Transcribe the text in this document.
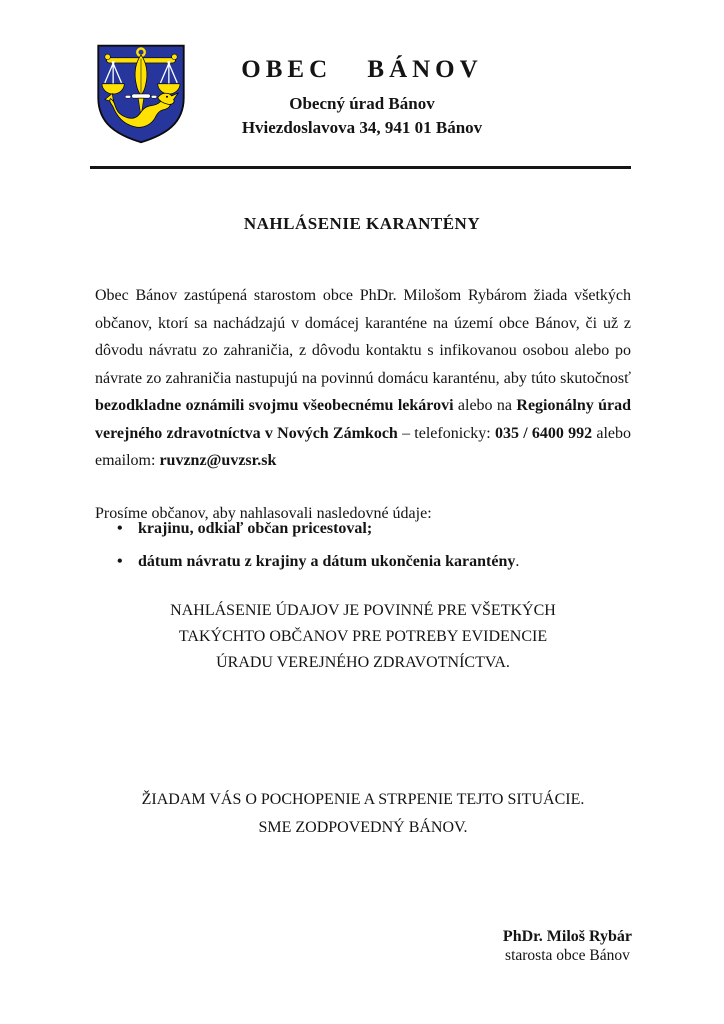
OBEC BÁNOV
Obecný úrad Bánov
Hviezdoslavova 34, 941 01 Bánov
NAHLÁSENIE KARANTÉNY

Obec Bánov zastúpená starostom obce PhDr. Milošom Rybárom žiada všetkých občanov, ktorí sa nachádzajú v domácej karanténe na území obce Bánov, či už z dôvodu návratu zo zahraničia, z dôvodu kontaktu s infikovanou osobou alebo po návrate zo zahraničia nastupujú na povinnú domácu karanténu, aby túto skutočnosť bezodkladne oznámili svojmu všeobecnému lekárovi alebo na Regionálny úrad verejného zdravotníctva v Nových Zámkoch – telefonicky: 035 / 6400 992 alebo emailom: ruvznz@uvzsr.sk

Prosíme občanov, aby nahlasovali nasledovné údaje:

• krajinu, odkiaľ občan pricestoval;
• dátum návratu z krajiny a dátum ukončenia karantény.
NAHLÁSENIE ÚDAJOV JE POVINNÉ PRE VŠETKÝCH
TAKÝCHTO OBČANOV PRE POTREBY EVIDENCIE
ÚRADU VEREJNÉHO ZDRAVOTNÍCTVA.
ŽIADAM VÁS O POCHOPENIE A STRPENIE TEJTO SITUÁCIE.
SME ZODPOVEDNÝ BÁNOV.
PhDr. Miloš Rybár
starosta obce Bánov
